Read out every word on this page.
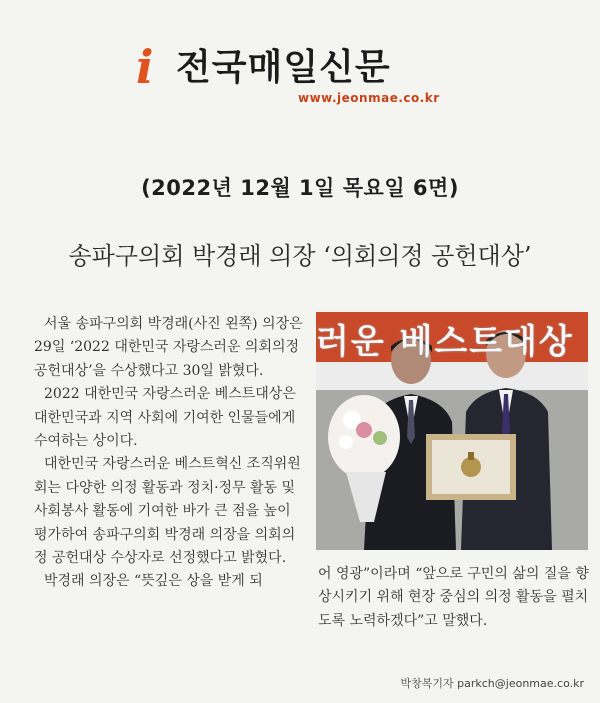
i 전국매일신문
www.jeonmae.co.kr
(2022년 12월 1일 목요일 6면)
송파구의회 박경래 의장 ‘의회의정 공헌대상’

서울 송파구의회 박경래(사진 왼쪽) 의장은 29일 ‘2022 대한민국 자랑스러운 의회의정 공헌대상’을 수상했다고 30일 밝혔다.

2022 대한민국 자랑스러운 베스트대상은 대한민국과 지역 사회에 기여한 인물들에게 수여하는 상이다.

대한민국 자랑스러운 베스트혁신 조직위원회는 다양한 의정 활동과 정치·정무 활동 및 사회봉사 활동에 기여한 바가 큰 점을 높이 평가하여 송파구의회 박경래 의장을 의회의정 공헌대상 수상자로 선정했다고 밝혔다.

박경래 의장은 “뜻깊은 상을 받게 되

러운 베스트대상

어 영광”이라며 “앞으로 구민의 삶의 질을 향상시키기 위해 현장 중심의 의정 활동을 펼치도록 노력하겠다”고 말했다.

박창복기자 parkch@jeonmae.co.kr
